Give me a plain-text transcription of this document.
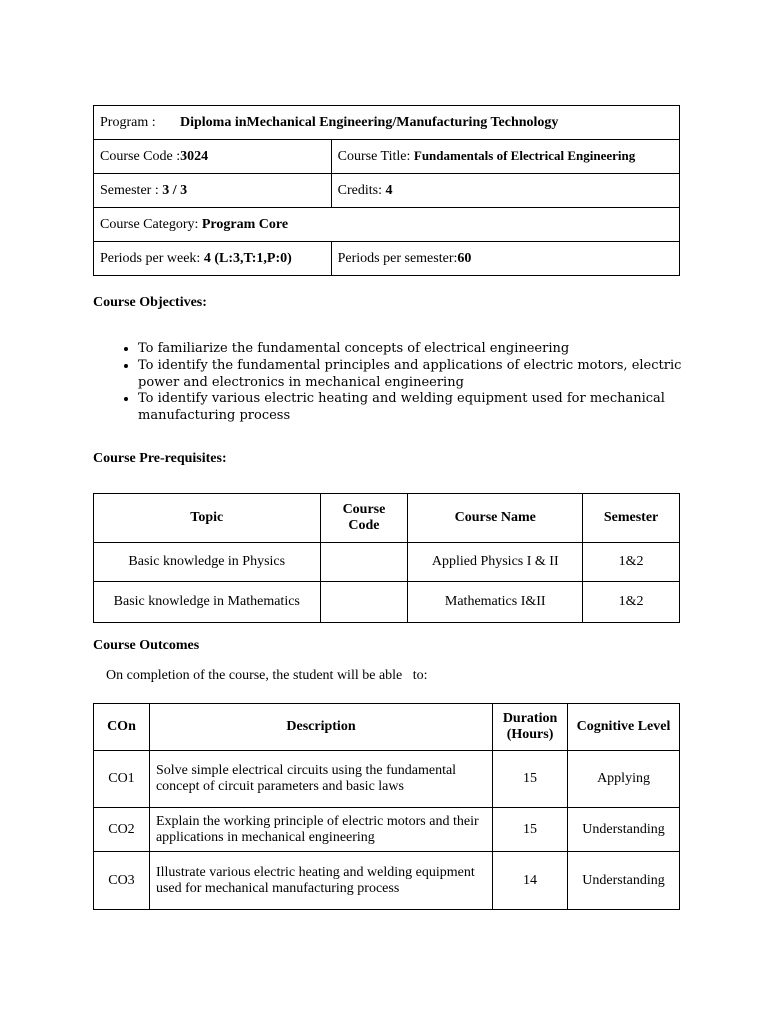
Program : Diploma inMechanical Engineering/Manufacturing Technology	
Course Code :3024	Course Title: Fundamentals of Electrical Engineering
Semester : 3 / 3	Credits: 4
Course Category: Program Core	
Periods per week: 4 (L:3,T:1,P:0)	Periods per semester:60
Course Objectives:
• To familiarize the fundamental concepts of electrical engineering
• To identify the fundamental principles and applications of electric motors, electric power and electronics in mechanical engineering
• To identify various electric heating and welding equipment used for mechanical manufacturing process
Course Pre-requisites:
Topic	Course Code	Course Name	Semester
Basic knowledge in Physics		Applied Physics I & II	1&2
Basic knowledge in Mathematics		Mathematics I&II	1&2
Course Outcomes
On completion of the course, the student will be able   to:
COn	Description	Duration (Hours)	Cognitive Level
CO1	Solve simple electrical circuits using the fundamental concept of circuit parameters and basic laws	15	Applying
CO2	Explain the working principle of electric motors and their applications in mechanical engineering	15	Understanding
CO3	Illustrate various electric heating and welding equipment used for mechanical manufacturing process	14	Understanding
